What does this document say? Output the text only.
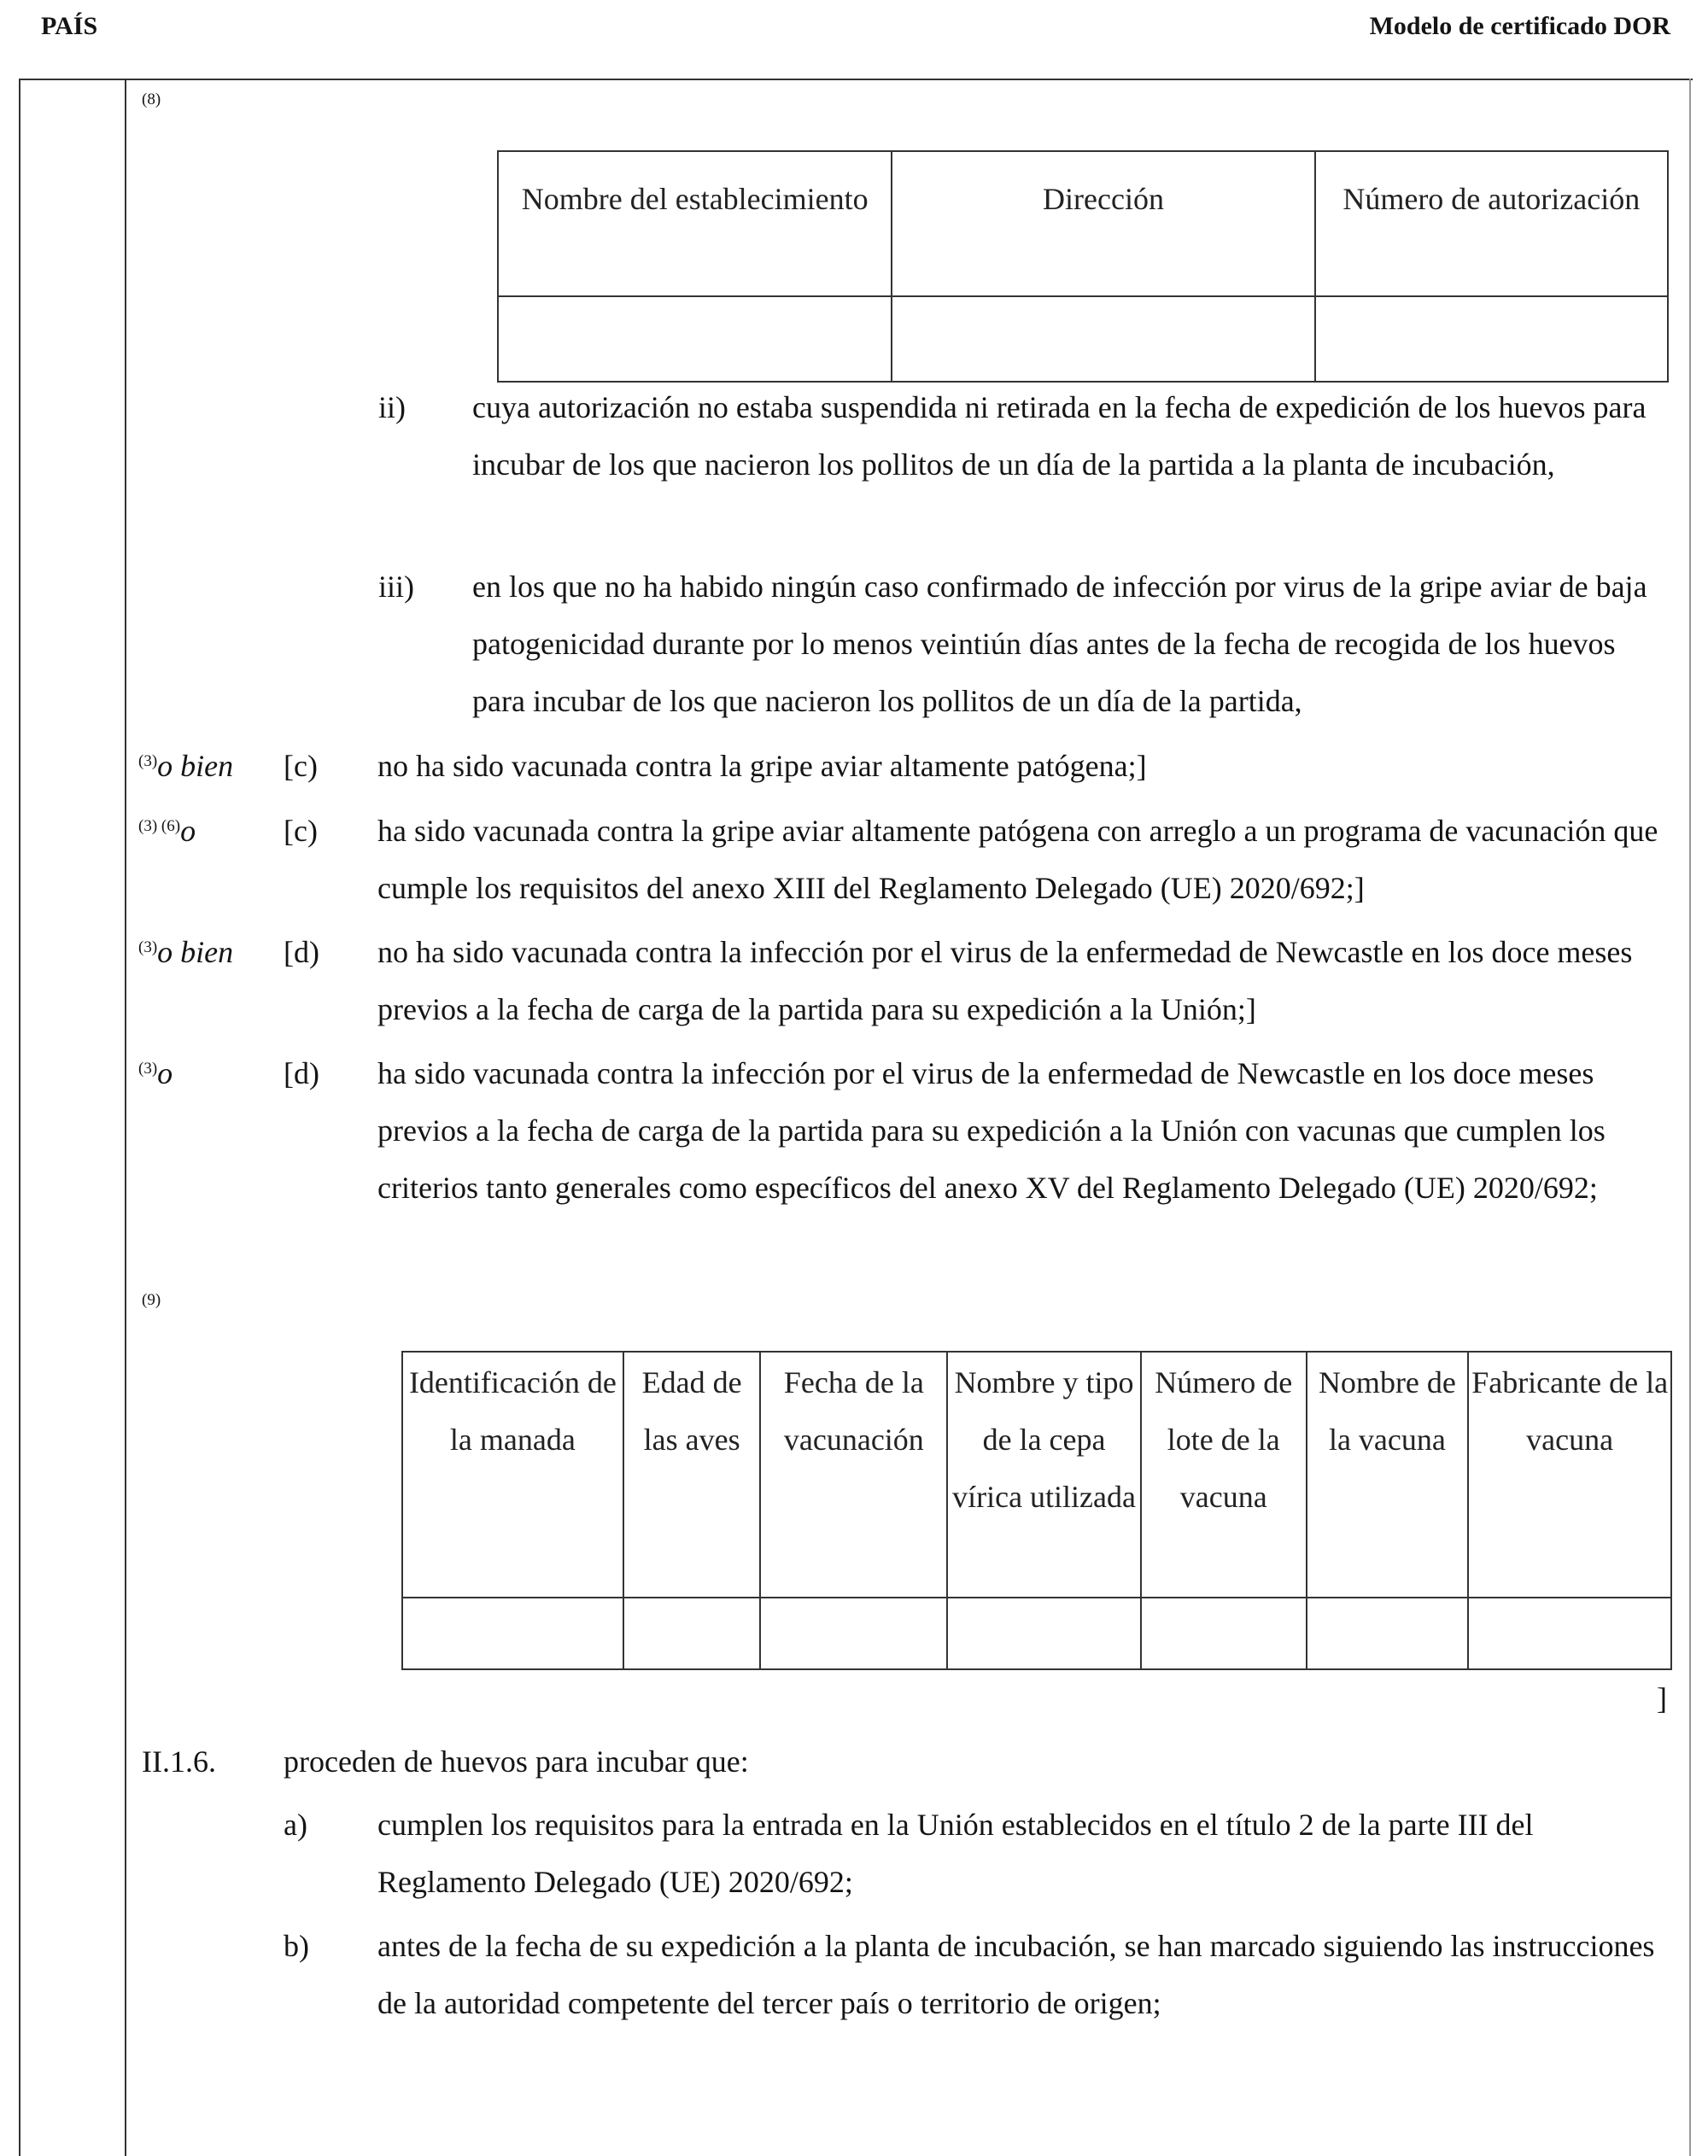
PAÍS	Modelo de certificado DOR
(8)
Nombre del establecimiento	Dirección	Número de autorización

ii) cuya autorización no estaba suspendida ni retirada en la fecha de expedición de los huevos para incubar de los que nacieron los pollitos de un día de la partida a la planta de incubación,
iii) en los que no ha habido ningún caso confirmado de infección por virus de la gripe aviar de baja patogenicidad durante por lo menos veintiún días antes de la fecha de recogida de los huevos para incubar de los que nacieron los pollitos de un día de la partida,
$^{(3)}$o bien [c) no ha sido vacunada contra la gripe aviar altamente patógena;]
$^{(3) (6)}$o	[c) ha sido vacunada contra la gripe aviar altamente patógena con arreglo a un programa de vacunación que cumple los requisitos del anexo XIII del Reglamento Delegado (UE) 2020/692;]
$^{(3)}$o bien [d) no ha sido vacunada contra la infección por el virus de la enfermedad de Newcastle en los doce meses previos a la fecha de carga de la partida para su expedición a la Unión;]
$^{(3)}$o	[d) ha sido vacunada contra la infección por el virus de la enfermedad de Newcastle en los doce meses previos a la fecha de carga de la partida para su expedición a la Unión con vacunas que cumplen los criterios tanto generales como específicos del anexo XV del Reglamento Delegado (UE) 2020/692;
(9)
Identificación de la manada	Edad de las aves	Fecha de la vacunación	Nombre y tipo de la cepa vírica utilizada	Número de lote de la vacuna	Nombre de la vacuna	Fabricante de la vacuna

]
II.1.6. proceden de huevos para incubar que:
a) cumplen los requisitos para la entrada en la Unión establecidos en el título 2 de la parte III del Reglamento Delegado (UE) 2020/692;
b) antes de la fecha de su expedición a la planta de incubación, se han marcado siguiendo las instrucciones de la autoridad competente del tercer país o territorio de origen;
